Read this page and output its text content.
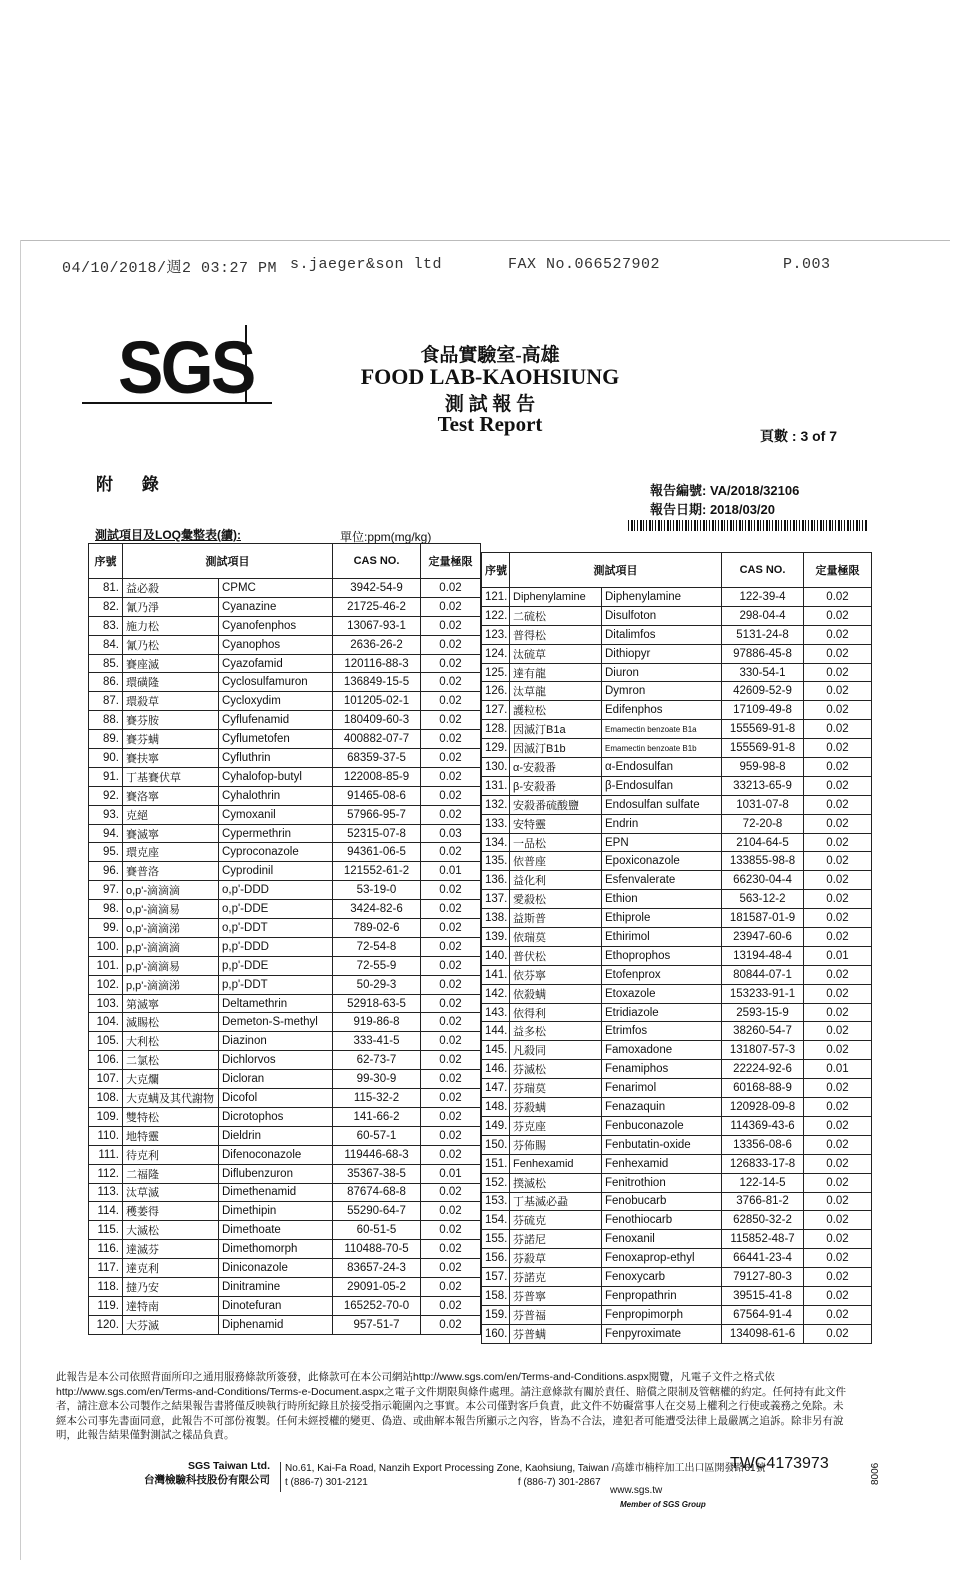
04/10/2018/週2 03:27 PM s.jaeger&son ltd	FAX No.066527902	P.003
SGS	食品實驗室-高雄
FOOD LAB-KAOHSIUNG
測 試 報 告
Test Report	頁數 : 3 of 7
附 錄	報告編號: VA/2018/32106
報告日期: 2018/03/20
測試項目及LOQ彙整表(續):	單位:ppm(mg/kg)
序號	測試項目		CAS NO.	定量極限
81.	益必殺	CPMC	3942-54-9	0.02
82.	氰乃淨	Cyanazine	21725-46-2	0.02
83.	施力松	Cyanofenphos	13067-93-1	0.02
84.	氰乃松	Cyanophos	2636-26-2	0.02
85.	賽座滅	Cyazofamid	120116-88-3	0.02
86.	環磺隆	Cyclosulfamuron	136849-15-5	0.02
87.	環殺草	Cycloxydim	101205-02-1	0.02
88.	賽芬胺	Cyflufenamid	180409-60-3	0.02
89.	賽芬螨	Cyflumetofen	400882-07-7	0.02
90.	賽扶寧	Cyfluthrin	68359-37-5	0.02
91.	丁基賽伏草	Cyhalofop-butyl	122008-85-9	0.02
92.	賽洛寧	Cyhalothrin	91465-08-6	0.02
93.	克絕	Cymoxanil	57966-95-7	0.02
94.	賽滅寧	Cypermethrin	52315-07-8	0.03
95.	環克座	Cyproconazole	94361-06-5	0.02
96.	賽普洛	Cyprodinil	121552-61-2	0.01
97.	o,p'-滴滴滴	o,p'-DDD	53-19-0	0.02
98.	o,p'-滴滴易	o,p'-DDE	3424-82-6	0.02
99.	o,p'-滴滴涕	o,p'-DDT	789-02-6	0.02
100.	p,p'-滴滴滴	p,p'-DDD	72-54-8	0.02
101.	p,p'-滴滴易	p,p'-DDE	72-55-9	0.02
102.	p,p'-滴滴涕	p,p'-DDT	50-29-3	0.02
103.	第滅寧	Deltamethrin	52918-63-5	0.02
104.	滅賜松	Demeton-S-methyl	919-86-8	0.02
105.	大利松	Diazinon	333-41-5	0.02
106.	二氯松	Dichlorvos	62-73-7	0.02
107.	大克爛	Dicloran	99-30-9	0.02
108.	大克螨及其代謝物	Dicofol	115-32-2	0.02
109.	雙特松	Dicrotophos	141-66-2	0.02
110.	地特靈	Dieldrin	60-57-1	0.02
111.	待克利	Difenoconazole	119446-68-3	0.02
112.	二福隆	Diflubenzuron	35367-38-5	0.01
113.	汰草滅	Dimethenamid	87674-68-8	0.02
114.	穫萎得	Dimethipin	55290-64-7	0.02
115.	大滅松	Dimethoate	60-51-5	0.02
116.	達滅芬	Dimethomorph	110488-70-5	0.02
117.	達克利	Diniconazole	83657-24-3	0.02
118.	撻乃安	Dinitramine	29091-05-2	0.02
119.	達特南	Dinotefuran	165252-70-0	0.02
120.	大芬滅	Diphenamid	957-51-7	0.02
序號	測試項目		CAS NO.	定量極限
121.	Diphenylamine	Diphenylamine	122-39-4	0.02
122.	二硫松	Disulfoton	298-04-4	0.02
123.	普得松	Ditalimfos	5131-24-8	0.02
124.	汰硫草	Dithiopyr	97886-45-8	0.02
125.	達有龍	Diuron	330-54-1	0.02
126.	汰草龍	Dymron	42609-52-9	0.02
127.	護粒松	Edifenphos	17109-49-8	0.02
128.	因滅汀B1a	Emamectin benzoate B1a	155569-91-8	0.02
129.	因滅汀B1b	Emamectin benzoate B1b	155569-91-8	0.02
130.	α-安殺番	α-Endosulfan	959-98-8	0.02
131.	β-安殺番	β-Endosulfan	33213-65-9	0.02
132.	安殺番硫酸鹽	Endosulfan sulfate	1031-07-8	0.02
133.	安特靈	Endrin	72-20-8	0.02
134.	一品松	EPN	2104-64-5	0.02
135.	依普座	Epoxiconazole	133855-98-8	0.02
136.	益化利	Esfenvalerate	66230-04-4	0.02
137.	愛殺松	Ethion	563-12-2	0.02
138.	益斯普	Ethiprole	181587-01-9	0.02
139.	依瑞莫	Ethirimol	23947-60-6	0.02
140.	普伏松	Ethoprophos	13194-48-4	0.01
141.	依芬寧	Etofenprox	80844-07-1	0.02
142.	依殺螨	Etoxazole	153233-91-1	0.02
143.	依得利	Etridiazole	2593-15-9	0.02
144.	益多松	Etrimfos	38260-54-7	0.02
145.	凡殺同	Famoxadone	131807-57-3	0.02
146.	芬滅松	Fenamiphos	22224-92-6	0.01
147.	芬瑞莫	Fenarimol	60168-88-9	0.02
148.	芬殺螨	Fenazaquin	120928-09-8	0.02
149.	芬克座	Fenbuconazole	114369-43-6	0.02
150.	芬佈賜	Fenbutatin-oxide	13356-08-6	0.02
151.	Fenhexamid	Fenhexamid	126833-17-8	0.02
152.	撲滅松	Fenitrothion	122-14-5	0.02
153.	丁基滅必蝨	Fenobucarb	3766-81-2	0.02
154.	芬硫克	Fenothiocarb	62850-32-2	0.02
155.	芬諾尼	Fenoxanil	115852-48-7	0.02
156.	芬殺草	Fenoxaprop-ethyl	66441-23-4	0.02
157.	芬諾克	Fenoxycarb	79127-80-3	0.02
158.	芬普寧	Fenpropathrin	39515-41-8	0.02
159.	芬普福	Fenpropimorph	67564-91-4	0.02
160.	芬普螨	Fenpyroximate	134098-61-6	0.02
此報告是本公司依照背面所印之通用服務條款所簽發，此條款可在本公司網站http://www.sgs.com/en/Terms-and-Conditions.aspx閱覽，凡電子文件之格式依http://www.sgs.com/en/Terms-and-Conditions/Terms-e-Document.aspx之電子文件期限與條件處理。請注意條款有關於責任、賠償之限制及管轄權的約定。任何持有此文件者，請注意本公司製作之結果報告書將僅反映執行時所紀錄且於接受指示範圍內之事實。本公司僅對客戶負責，此文件不妨礙當事人在交易上權利之行使或義務之免除。未經本公司事先書面同意，此報告不可部份複製。任何未經授權的變更、偽造、或曲解本報告所顯示之內容，皆為不合法，違犯者可能遭受法律上最嚴厲之追訴。除非另有說明，此報告結果僅對測試之樣品負責。
SGS Taiwan Ltd.
台灣檢驗科技股份有限公司
No.61, Kai-Fa Road, Nanzih Export Processing Zone, Kaohsiung, Taiwan /高雄市楠梓加工出口區開發路61號
t (886-7) 301-2121	f (886-7) 301-2867
www.sgs.tw
Member of SGS Group
TWC4173973	8006
